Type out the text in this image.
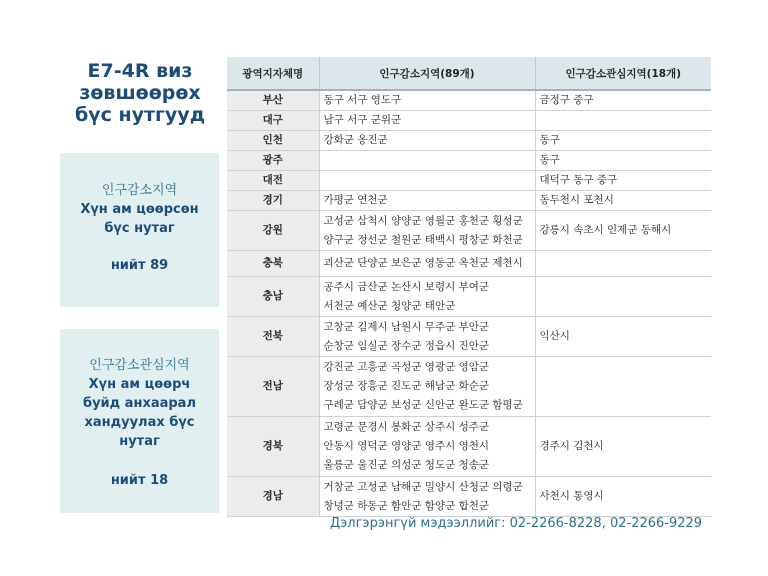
E7-4R виз
зөвшөөрөх
бүс нутгууд
인구감소지역
Хүн ам цөөрсөн
бүс нутаг
нийт 89
인구감소관심지역
Хүн ам цөөрч
буйд анхаарал
хандуулах бүс
нутаг
нийт 18
광역지자체명	인구감소지역(89개)	인구감소관심지역(18개)
부산	동구 서구 영도구	금정구 중구
대구	남구 서구 군위군	

인천	강화군 옹진군	동구
광주		동구
대전		대덕구 동구 중구
경기	가평군 연천군	동두천시 포천시
강원	고성군 삼척시 양양군 영월군 홍천군 횡성군
양구군 정선군 철원군 태백시 평창군 화천군	강릉시 속초시 인제군 동해시
충북	괴산군 단양군 보은군 영동군 옥천군 제천시	

충남	공주시 금산군 논산시 보령시 부여군
서천군 예산군 청양군 태안군	

전북	고창군 김제시 남원시 무주군 부안군
순창군 임실군 장수군 정읍시 진안군	익산시
전남	강진군 고흥군 곡성군 영광군 영암군
장성군 장흥군 진도군 해남군 화순군
구례군 담양군 보성군 신안군 완도군 함평군	

경북	고령군 문경시 봉화군 상주시 성주군
안동시 영덕군 영양군 영주시 영천시
울릉군 울진군 의성군 청도군 청송군	경주시 김천시
경남	거창군 고성군 남해군 밀양시 산청군 의령군
창녕군 하동군 함안군 함양군 합천군	사천시 통영시
Дэлгэрэнгүй мэдээллийг: 02-2266-8228, 02-2266-9229
